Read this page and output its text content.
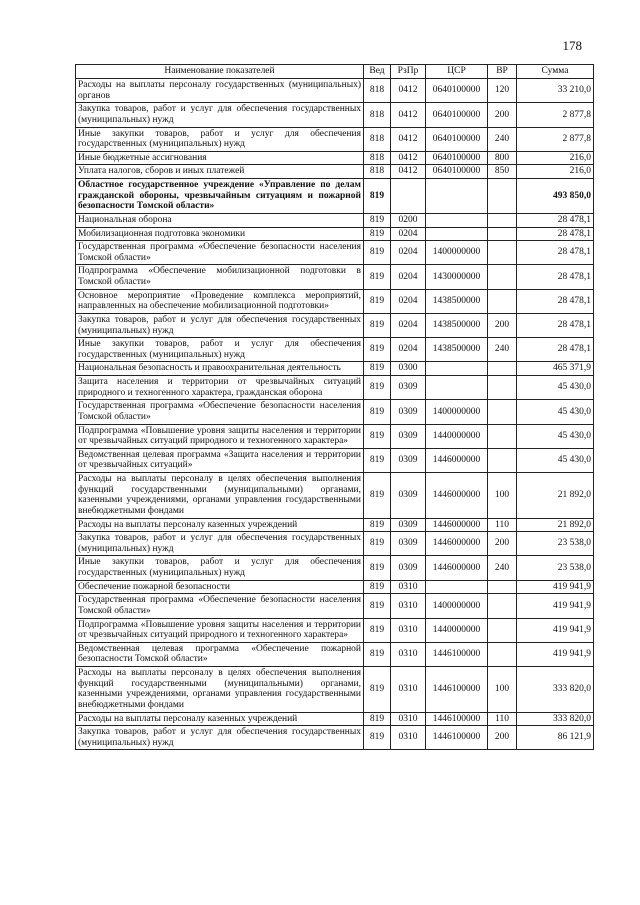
178
Наименование показателей	Вед	РзПр	ЦСР	ВР	Сумма
Расходы на выплаты персоналу государственных (муниципальных) органов	818	0412	0640100000	120	33 210,0
Закупка товаров, работ и услуг для обеспечения государственных (муниципальных) нужд	818	0412	0640100000	200	2 877,8
Иные закупки товаров, работ и услуг для обеспечения государственных (муниципальных) нужд	818	0412	0640100000	240	2 877,8
Иные бюджетные ассигнования	818	0412	0640100000	800	216,0
Уплата налогов, сборов и иных платежей	818	0412	0640100000	850	216,0
Областное государственное учреждение «Управление по делам гражданской обороны, чрезвычайным ситуациям и пожарной безопасности Томской области»	819				493 850,0
Национальная оборона	819	0200			28 478,1
Мобилизационная подготовка экономики	819	0204			28 478,1
Государственная программа «Обеспечение безопасности населения Томской области»	819	0204	1400000000		28 478,1
Подпрограмма «Обеспечение мобилизационной подготовки в Томской области»	819	0204	1430000000		28 478,1
Основное мероприятие «Проведение комплекса мероприятий, направленных на обеспечение мобилизационной подготовки»	819	0204	1438500000		28 478,1
Закупка товаров, работ и услуг для обеспечения государственных (муниципальных) нужд	819	0204	1438500000	200	28 478,1
Иные закупки товаров, работ и услуг для обеспечения государственных (муниципальных) нужд	819	0204	1438500000	240	28 478,1
Национальная безопасность и правоохранительная деятельность	819	0300			465 371,9
Защита населения и территории от чрезвычайных ситуаций природного и техногенного характера, гражданская оборона	819	0309			45 430,0
Государственная программа «Обеспечение безопасности населения Томской области»	819	0309	1400000000		45 430,0
Подпрограмма «Повышение уровня защиты населения и территории от чрезвычайных ситуаций природного и техногенного характера»	819	0309	1440000000		45 430,0
Ведомственная целевая программа «Защита населения и территории от чрезвычайных ситуаций»	819	0309	1446000000		45 430,0
Расходы на выплаты персоналу в целях обеспечения выполнения функций государственными (муниципальными) органами, казенными учреждениями, органами управления государственными внебюджетными фондами	819	0309	1446000000	100	21 892,0
Расходы на выплаты персоналу казенных учреждений	819	0309	1446000000	110	21 892,0
Закупка товаров, работ и услуг для обеспечения государственных (муниципальных) нужд	819	0309	1446000000	200	23 538,0
Иные закупки товаров, работ и услуг для обеспечения государственных (муниципальных) нужд	819	0309	1446000000	240	23 538,0
Обеспечение пожарной безопасности	819	0310			419 941,9
Государственная программа «Обеспечение безопасности населения Томской области»	819	0310	1400000000		419 941,9
Подпрограмма «Повышение уровня защиты населения и территории от чрезвычайных ситуаций природного и техногенного характера»	819	0310	1440000000		419 941,9
Ведомственная целевая программа «Обеспечение пожарной безопасности Томской области»	819	0310	1446100000		419 941,9
Расходы на выплаты персоналу в целях обеспечения выполнения функций государственными (муниципальными) органами, казенными учреждениями, органами управления государственными внебюджетными фондами	819	0310	1446100000	100	333 820,0
Расходы на выплаты персоналу казенных учреждений	819	0310	1446100000	110	333 820,0
Закупка товаров, работ и услуг для обеспечения государственных (муниципальных) нужд	819	0310	1446100000	200	86 121,9
